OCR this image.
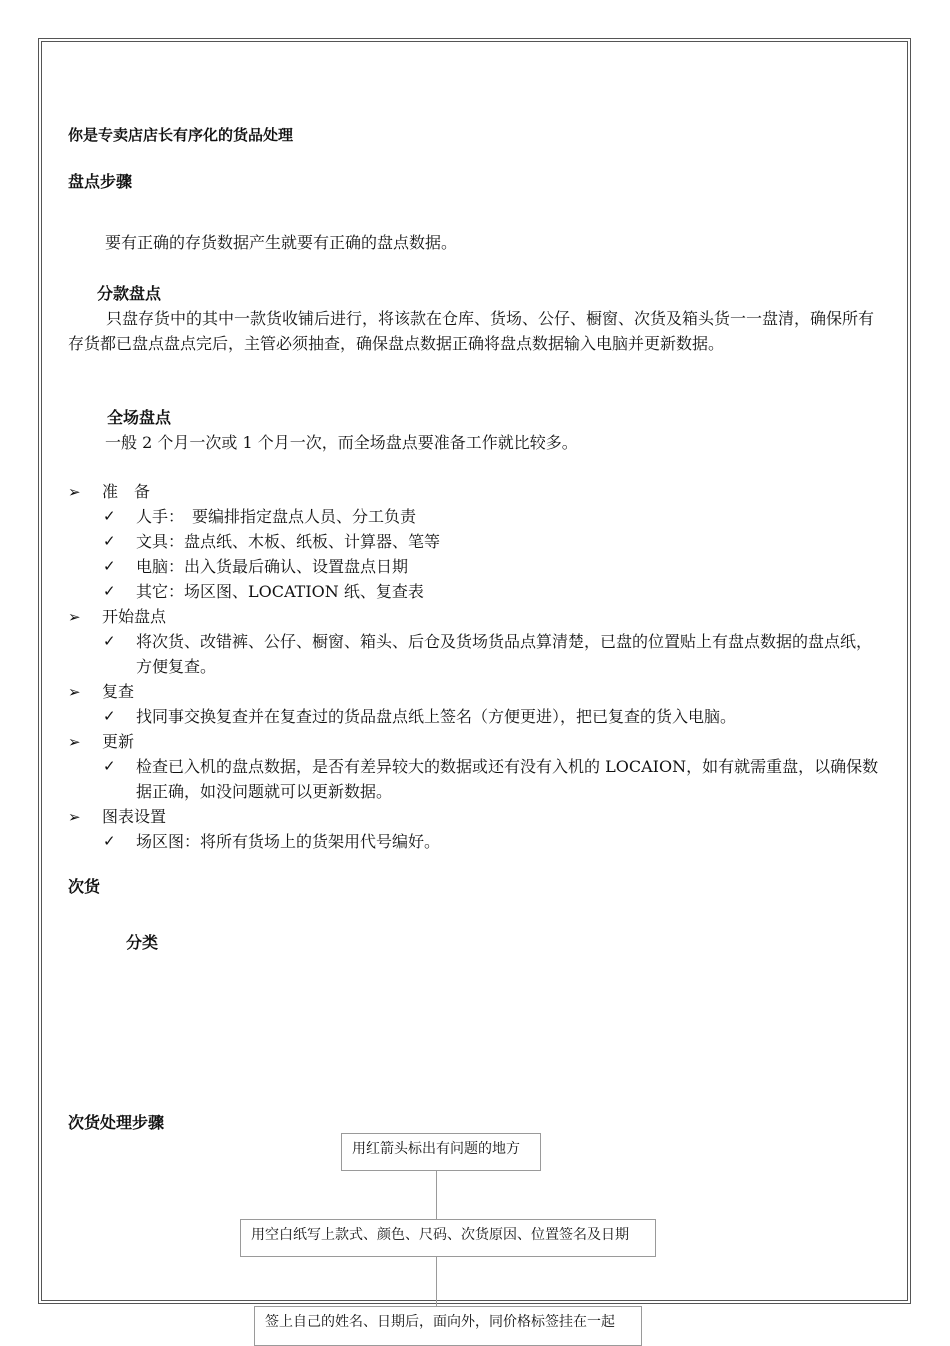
你是专卖店店长有序化的货品处理
盘点步骤
要有正确的存货数据产生就要有正确的盘点数据。
分款盘点
只盘存货中的其中一款货收铺后进行，将该款在仓库、货场、公仔、橱窗、次货及箱头货一一盘清，确保所有存货都已盘点盘点完后，主管必须抽查，确保盘点数据正确将盘点数据输入电脑并更新数据。
全场盘点
一般 2 个月一次或 1 个月一次，而全场盘点要准备工作就比较多。
➢ 准　备
✓ 人手：　要编排指定盘点人员、分工负责
✓ 文具：盘点纸、木板、纸板、计算器、笔等
✓ 电脑：出入货最后确认、设置盘点日期
✓ 其它：场区图、LOCATION 纸、复查表
➢ 开始盘点
✓ 将次货、改错裤、公仔、橱窗、箱头、后仓及货场货品点算清楚，已盘的位置贴上有盘点数据的盘点纸，方便复查。
➢ 复查
✓ 找同事交换复查并在复查过的货品盘点纸上签名（方便更进），把已复查的货入电脑。
➢ 更新
✓ 检查已入机的盘点数据，是否有差异较大的数据或还有没有入机的 LOCAION，如有就需重盘，以确保数据正确，如没问题就可以更新数据。
➢ 图表设置
✓ 场区图：将所有货场上的货架用代号编好。
次货
分类
次货处理步骤
用红箭头标出有问题的地方
用空白纸写上款式、颜色、尺码、次货原因、位置签名及日期
签上自己的姓名、日期后，面向外，同价格标签挂在一起
